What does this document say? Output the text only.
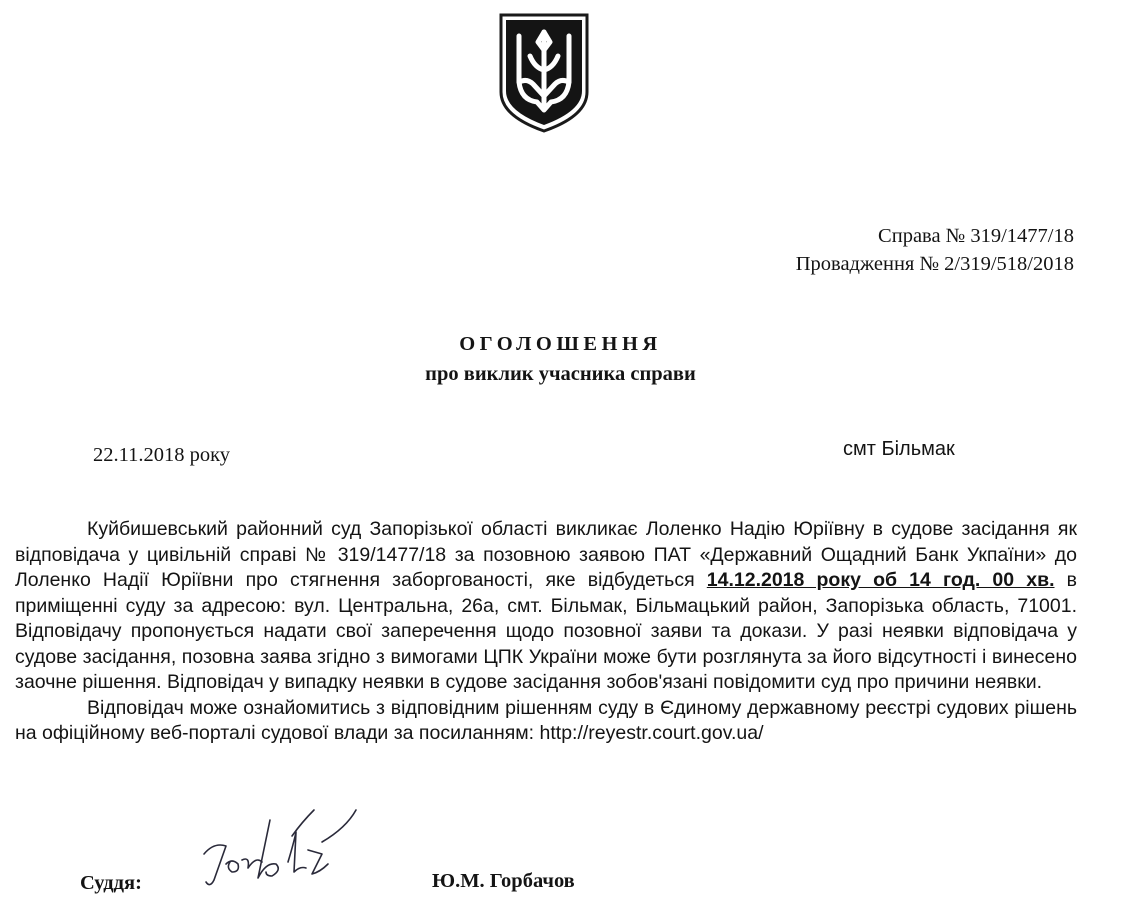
Справа № 319/1477/18
Провадження № 2/319/518/2018
ОГОЛОШЕННЯ
про виклик учасника справи
22.11.2018 року	смт Більмак

Куйбишевський районний суд Запорізької області викликає Лоленко Надію Юріївну в судове засідання як відповідача у цивільній справі № 319/1477/18 за позовною заявою ПАТ «Державний Ощадний Банк Укпаїни» до Лоленко Надії Юріївни про стягнення заборгованості, яке відбудеться 14.12.2018 року об 14 год. 00 хв. в приміщенні суду за адресою: вул. Центральна, 26а, смт. Більмак, Більмацький район, Запорізька область, 71001. Відповідачу пропонується надати свої заперечення щодо позовної заяви та докази. У разі неявки відповідача у судове засідання, позовна заява згідно з вимогами ЦПК України може бути розглянута за його відсутності і винесено заочне рішення. Відповідач у випадку неявки в судове засідання зобов'язані повідомити суд про причини неявки.

Відповідач може ознайомитись з відповідним рішенням суду в Єдиному державному реєстрі судових рішень на офіційному веб-порталі судової влади за посиланням: http://reyestr.court.gov.ua/

Суддя:	Ю.М. Горбачов
